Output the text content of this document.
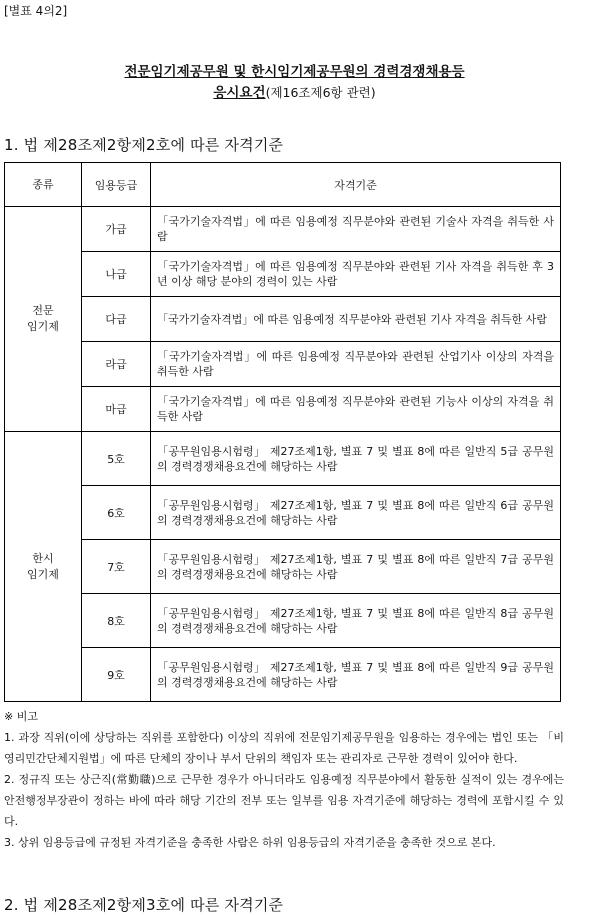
[별표 4의2]
전문임기제공무원 및 한시임기제공무원의 경력경쟁채용등
응시요건(제16조제6항 관련)
1. 법 제28조제2항제2호에 따른 자격기준
종류	임용등급	자격기준
전문
임기제	가급	「국가기술자격법」에 따른 임용예정 직무분야와 관련된 기술사 자격을 취득한 사람
	나급	「국가기술자격법」에 따른 임용예정 직무분야와 관련된 기사 자격을 취득한 후 3년 이상 해당 분야의 경력이 있는 사람
	다급	「국가기술자격법」에 따른 임용예정 직무분야와 관련된 기사 자격을 취득한 사람
	라급	「국가기술자격법」에 따른 임용예정 직무분야와 관련된 산업기사 이상의 자격을 취득한 사람
	마급	「국가기술자격법」에 따른 임용예정 직무분야와 관련된 기능사 이상의 자격을 취득한 사람
한시
임기제	5호	「공무원임용시험령」 제27조제1항, 별표 7 및 별표 8에 따른 일반직 5급 공무원의 경력경쟁채용요건에 해당하는 사람
	6호	「공무원임용시험령」 제27조제1항, 별표 7 및 별표 8에 따른 일반직 6급 공무원의 경력경쟁채용요건에 해당하는 사람
	7호	「공무원임용시험령」 제27조제1항, 별표 7 및 별표 8에 따른 일반직 7급 공무원의 경력경쟁채용요건에 해당하는 사람
	8호	「공무원임용시험령」 제27조제1항, 별표 7 및 별표 8에 따른 일반직 8급 공무원의 경력경쟁채용요건에 해당하는 사람
	9호	「공무원임용시험령」 제27조제1항, 별표 7 및 별표 8에 따른 일반직 9급 공무원의 경력경쟁채용요건에 해당하는 사람

※ 비고

1. 과장 직위(이에 상당하는 직위를 포함한다) 이상의 직위에 전문임기제공무원을 임용하는 경우에는 법인 또는 「비영리민간단체지원법」에 따른 단체의 장이나 부서 단위의 책임자 또는 관리자로 근무한 경력이 있어야 한다.

2. 정규직 또는 상근직(常勤職)으로 근무한 경우가 아니더라도 임용예정 직무분야에서 활동한 실적이 있는 경우에는 안전행정부장관이 정하는 바에 따라 해당 기간의 전부 또는 일부를 임용 자격기준에 해당하는 경력에 포함시킬 수 있다.

3. 상위 임용등급에 규정된 자격기준을 충족한 사람은 하위 임용등급의 자격기준을 충족한 것으로 본다.

2. 법 제28조제2항제3호에 따른 자격기준
